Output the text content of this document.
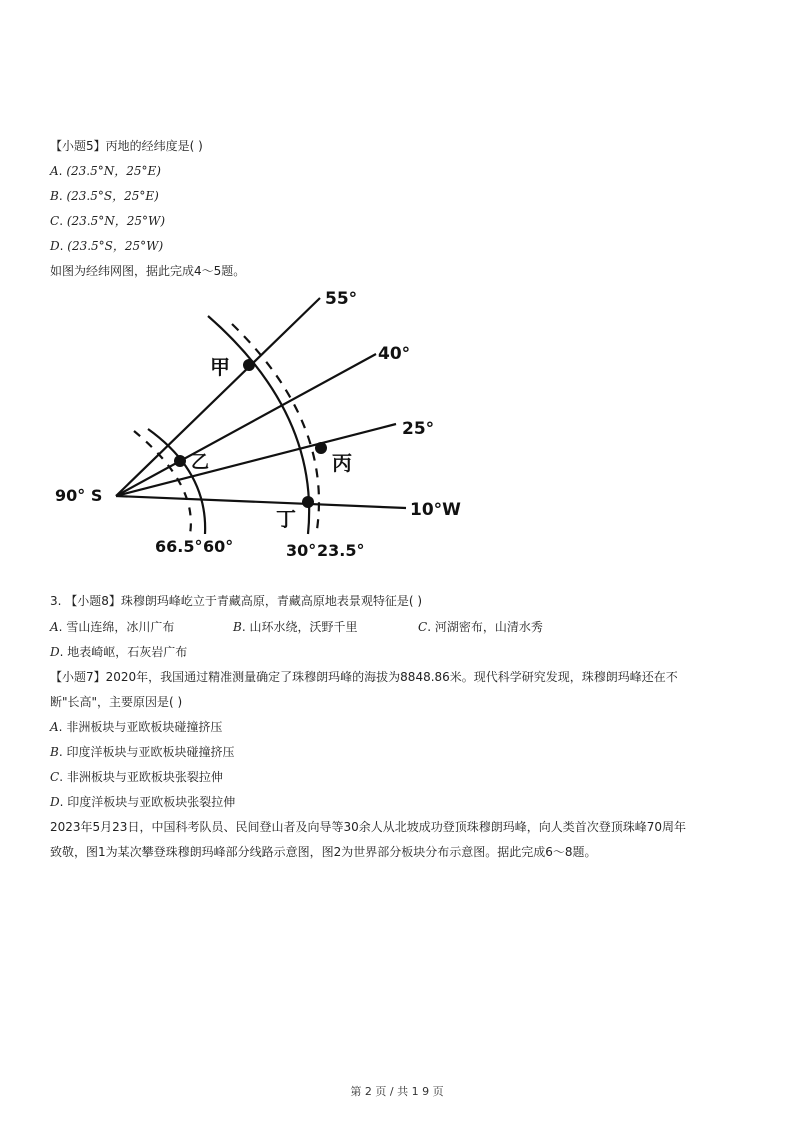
【小题5】丙地的经纬度是( )
A. (23.5°N，25°E)
B. (23.5°S，25°E)
C. (23.5°N，25°W)
D. (23.5°S，25°W)
如图为经纬网图，据此完成4～5题。
甲
乙	丙
丁
55°
40°
25°
10°W
90° S
66.5° 60°	30° 23.5°
3. 【小题8】珠穆朗玛峰屹立于青藏高原，青藏高原地表景观特征是( )
A. 雪山连绵，冰川广布	B. 山环水绕，沃野千里	C. 河湖密布，山清水秀
D. 地表崎岖，石灰岩广布
【小题7】2020年，我国通过精准测量确定了珠穆朗玛峰的海拔为8848.86米。现代科学研究发现，珠穆朗玛峰还在不
断"长高"，主要原因是( )
A. 非洲板块与亚欧板块碰撞挤压
B. 印度洋板块与亚欧板块碰撞挤压
C. 非洲板块与亚欧板块张裂拉伸
D. 印度洋板块与亚欧板块张裂拉伸
2023年5月23日，中国科考队员、民间登山者及向导等30余人从北坡成功登顶珠穆朗玛峰，向人类首次登顶珠峰70周年
致敬，图1为某次攀登珠穆朗玛峰部分线路示意图，图2为世界部分板块分布示意图。据此完成6～8题。
第 2 页 / 共 1 9 页
